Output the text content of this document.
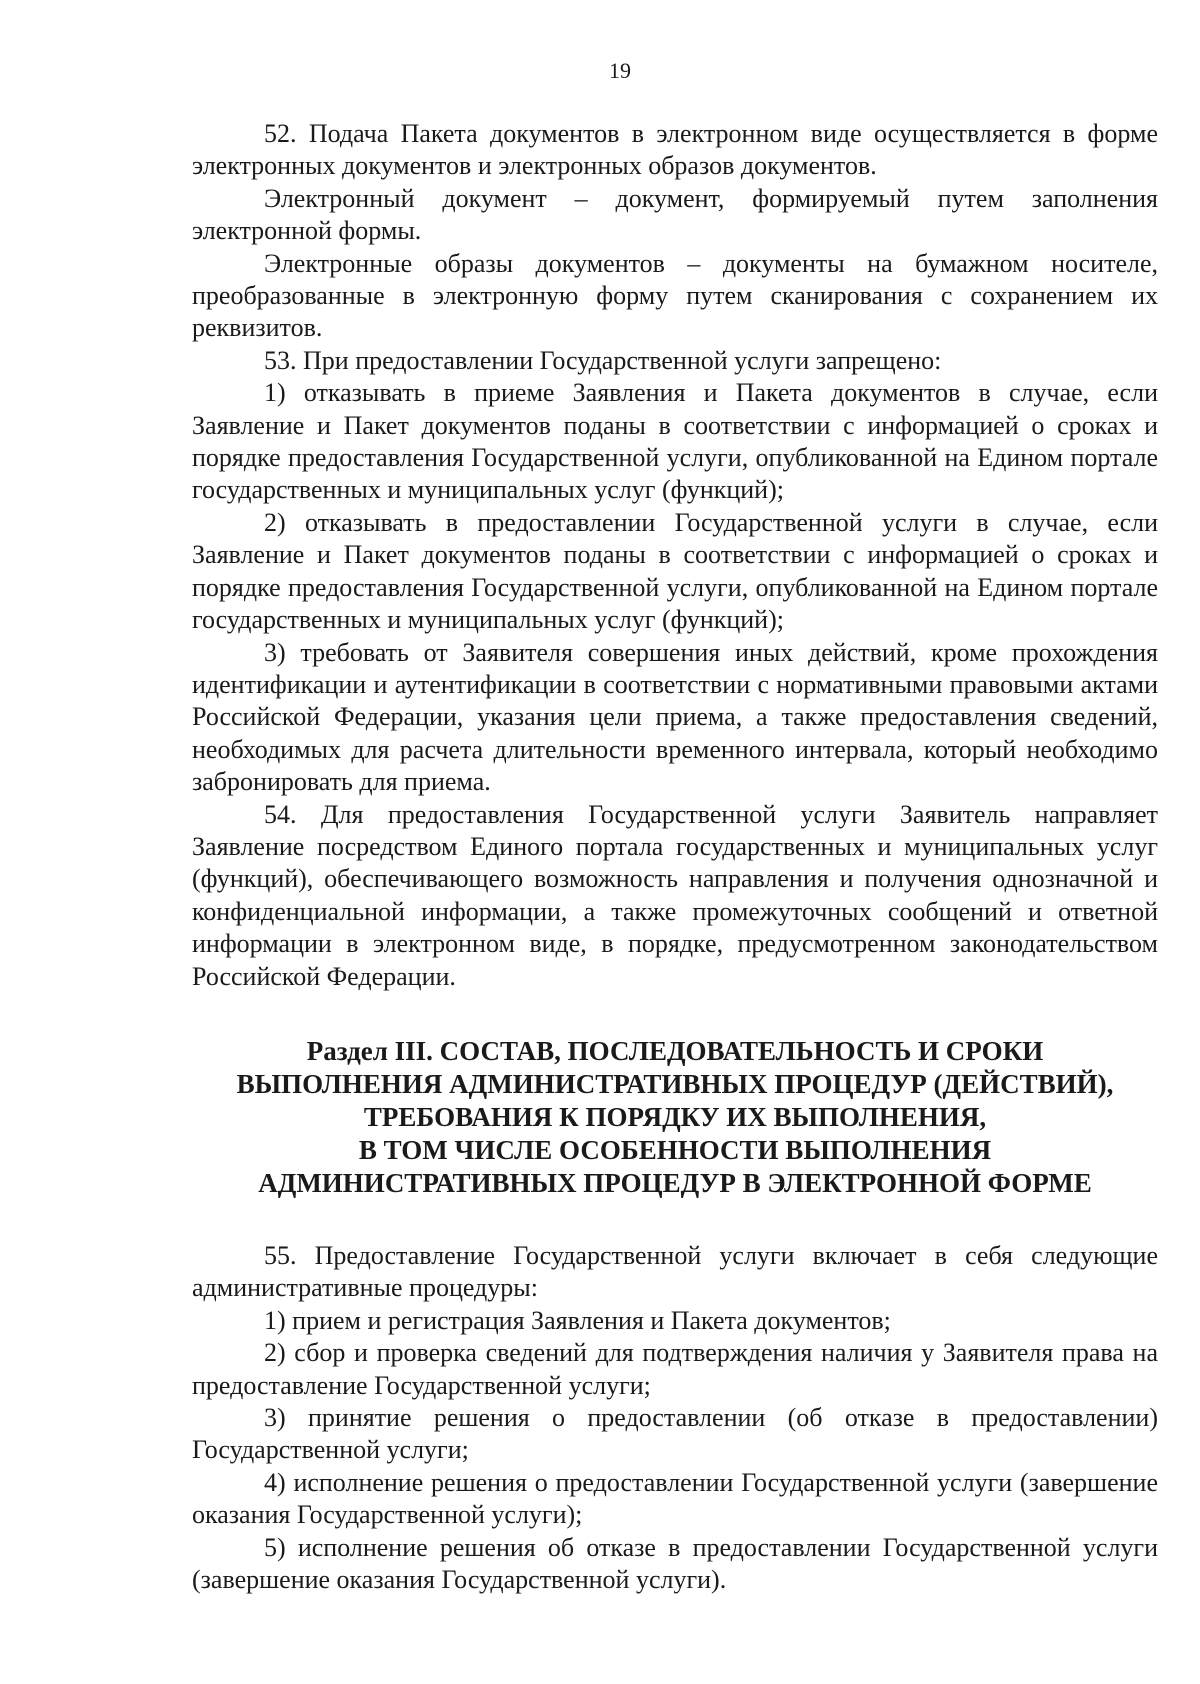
19

52. Подача Пакета документов в электронном виде осуществляется в форме электронных документов и электронных образов документов.

Электронный документ – документ, формируемый путем заполнения электронной формы.

Электронные образы документов – документы на бумажном носителе, преобразованные в электронную форму путем сканирования с сохранением их реквизитов.

53. При предоставлении Государственной услуги запрещено:

1) отказывать в приеме Заявления и Пакета документов в случае, если Заявление и Пакет документов поданы в соответствии с информацией о сроках и порядке предоставления Государственной услуги, опубликованной на Едином портале государственных и муниципальных услуг (функций);

2) отказывать в предоставлении Государственной услуги в случае, если Заявление и Пакет документов поданы в соответствии с информацией о сроках и порядке предоставления Государственной услуги, опубликованной на Едином портале государственных и муниципальных услуг (функций);

3) требовать от Заявителя совершения иных действий, кроме прохождения идентификации и аутентификации в соответствии с нормативными правовыми актами Российской Федерации, указания цели приема, а также предоставления сведений, необходимых для расчета длительности временного интервала, который необходимо забронировать для приема.

54. Для предоставления Государственной услуги Заявитель направляет Заявление посредством Единого портала государственных и муниципальных услуг (функций), обеспечивающего возможность направления и получения однозначной и конфиденциальной информации, а также промежуточных сообщений и ответной информации в электронном виде, в порядке, предусмотренном законодательством Российской Федерации.

Раздел III. СОСТАВ, ПОСЛЕДОВАТЕЛЬНОСТЬ И СРОКИ
ВЫПОЛНЕНИЯ АДМИНИСТРАТИВНЫХ ПРОЦЕДУР (ДЕЙСТВИЙ),
ТРЕБОВАНИЯ К ПОРЯДКУ ИХ ВЫПОЛНЕНИЯ,
В ТОМ ЧИСЛЕ ОСОБЕННОСТИ ВЫПОЛНЕНИЯ
АДМИНИСТРАТИВНЫХ ПРОЦЕДУР В ЭЛЕКТРОННОЙ ФОРМЕ

55. Предоставление Государственной услуги включает в себя следующие административные процедуры:

1) прием и регистрация Заявления и Пакета документов;

2) сбор и проверка сведений для подтверждения наличия у Заявителя права на предоставление Государственной услуги;

3) принятие решения о предоставлении (об отказе в предоставлении) Государственной услуги;

4) исполнение решения о предоставлении Государственной услуги (завершение оказания Государственной услуги);

5) исполнение решения об отказе в предоставлении Государственной услуги (завершение оказания Государственной услуги).
